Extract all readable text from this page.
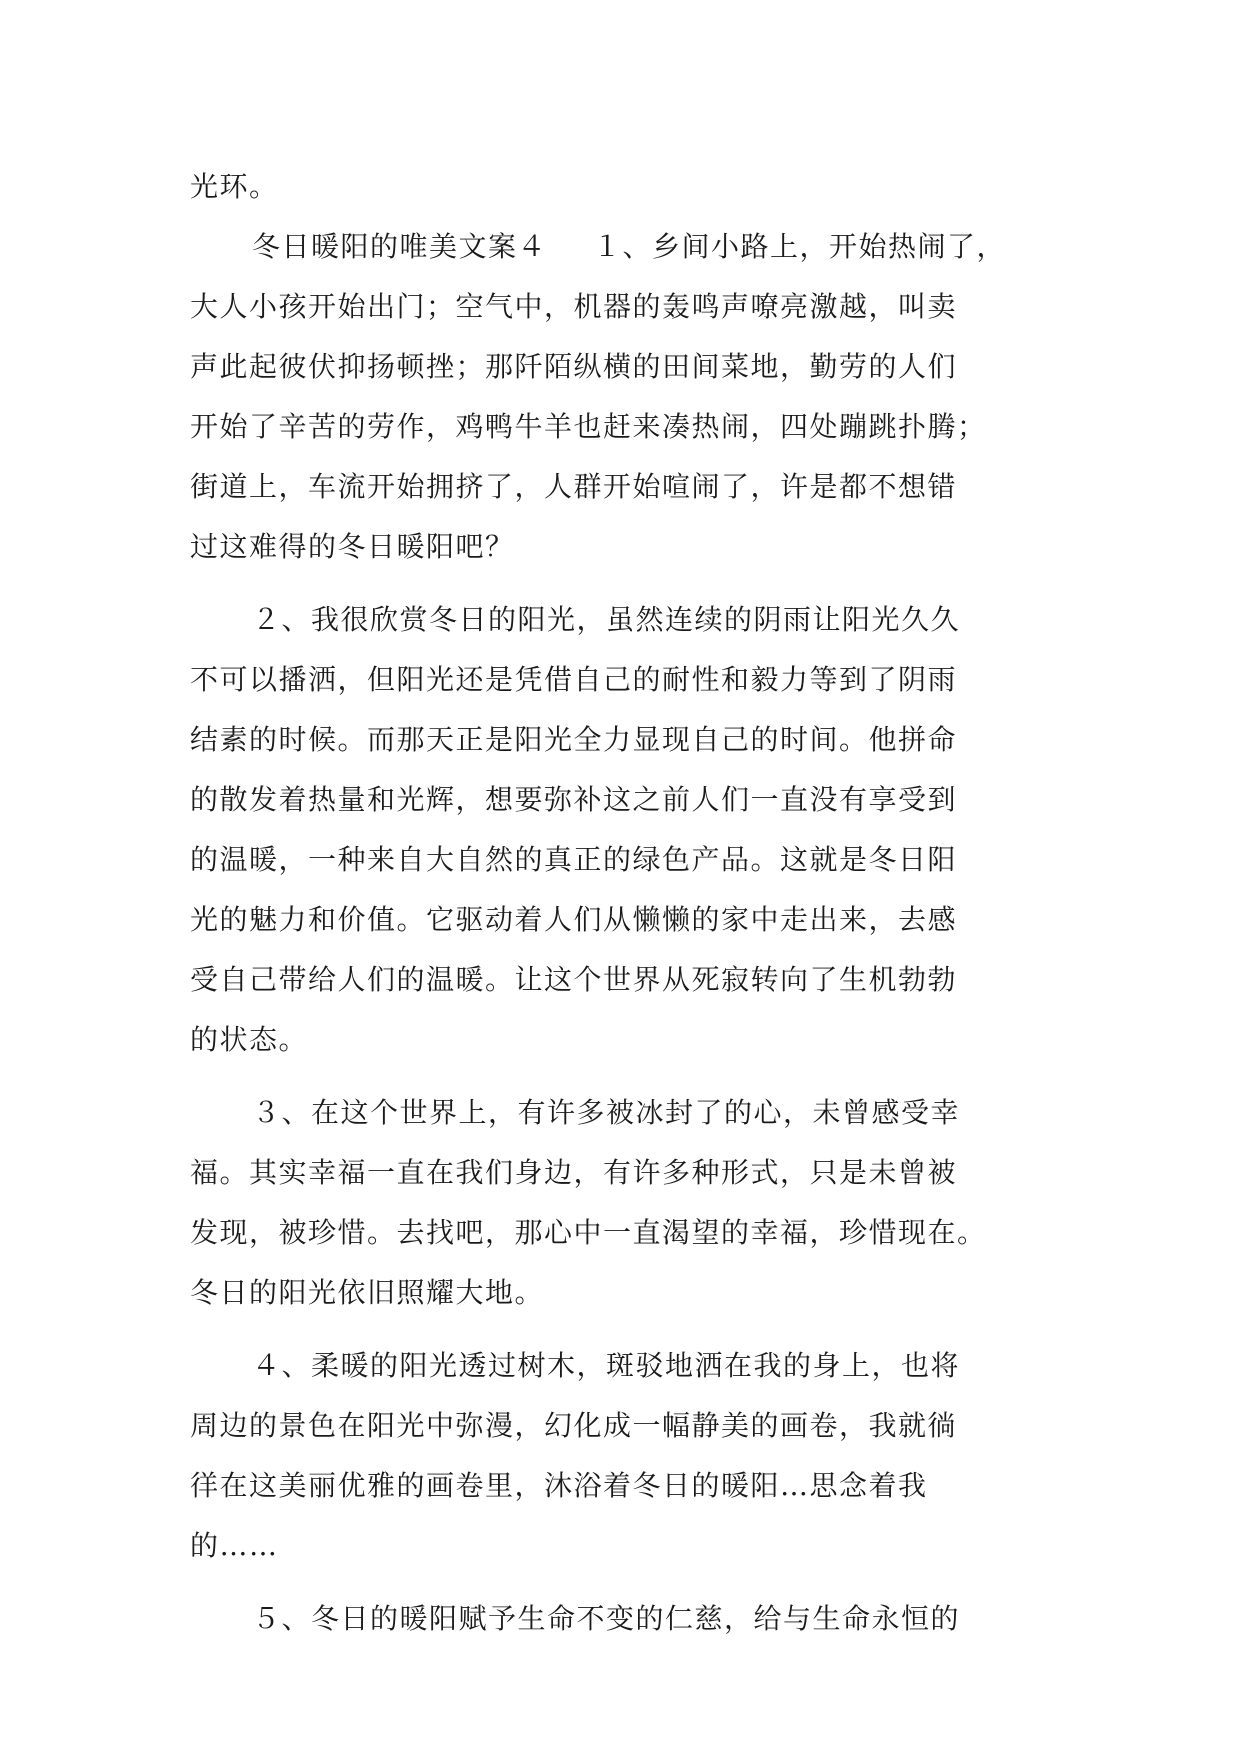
光环。
冬日暖阳的唯美文案４ １、乡间小路上，开始热闹了，
大人小孩开始出门；空气中，机器的轰鸣声嘹亮激越，叫卖
声此起彼伏抑扬顿挫；那阡陌纵横的田间菜地，勤劳的人们
开始了辛苦的劳作，鸡鸭牛羊也赶来凑热闹，四处蹦跳扑腾；
街道上，车流开始拥挤了，人群开始喧闹了，许是都不想错
过这难得的冬日暖阳吧？
２、我很欣赏冬日的阳光，虽然连续的阴雨让阳光久久
不可以播洒，但阳光还是凭借自己的耐性和毅力等到了阴雨
结素的时候。而那天正是阳光全力显现自己的时间。他拼命
的散发着热量和光辉，想要弥补这之前人们一直没有享受到
的温暖，一种来自大自然的真正的绿色产品。这就是冬日阳
光的魅力和价值。它驱动着人们从懒懒的家中走出来，去感
受自己带给人们的温暖。让这个世界从死寂转向了生机勃勃
的状态。
３、在这个世界上，有许多被冰封了的心，未曾感受幸
福。其实幸福一直在我们身边，有许多种形式，只是未曾被
发现，被珍惜。去找吧，那心中一直渴望的幸福，珍惜现在。
冬日的阳光依旧照耀大地。
４、柔暖的阳光透过树木，斑驳地洒在我的身上，也将
周边的景色在阳光中弥漫，幻化成一幅静美的画卷，我就徜
徉在这美丽优雅的画卷里，沐浴着冬日的暖阳…思念着我
的……
５、冬日的暖阳赋予生命不变的仁慈，给与生命永恒的
